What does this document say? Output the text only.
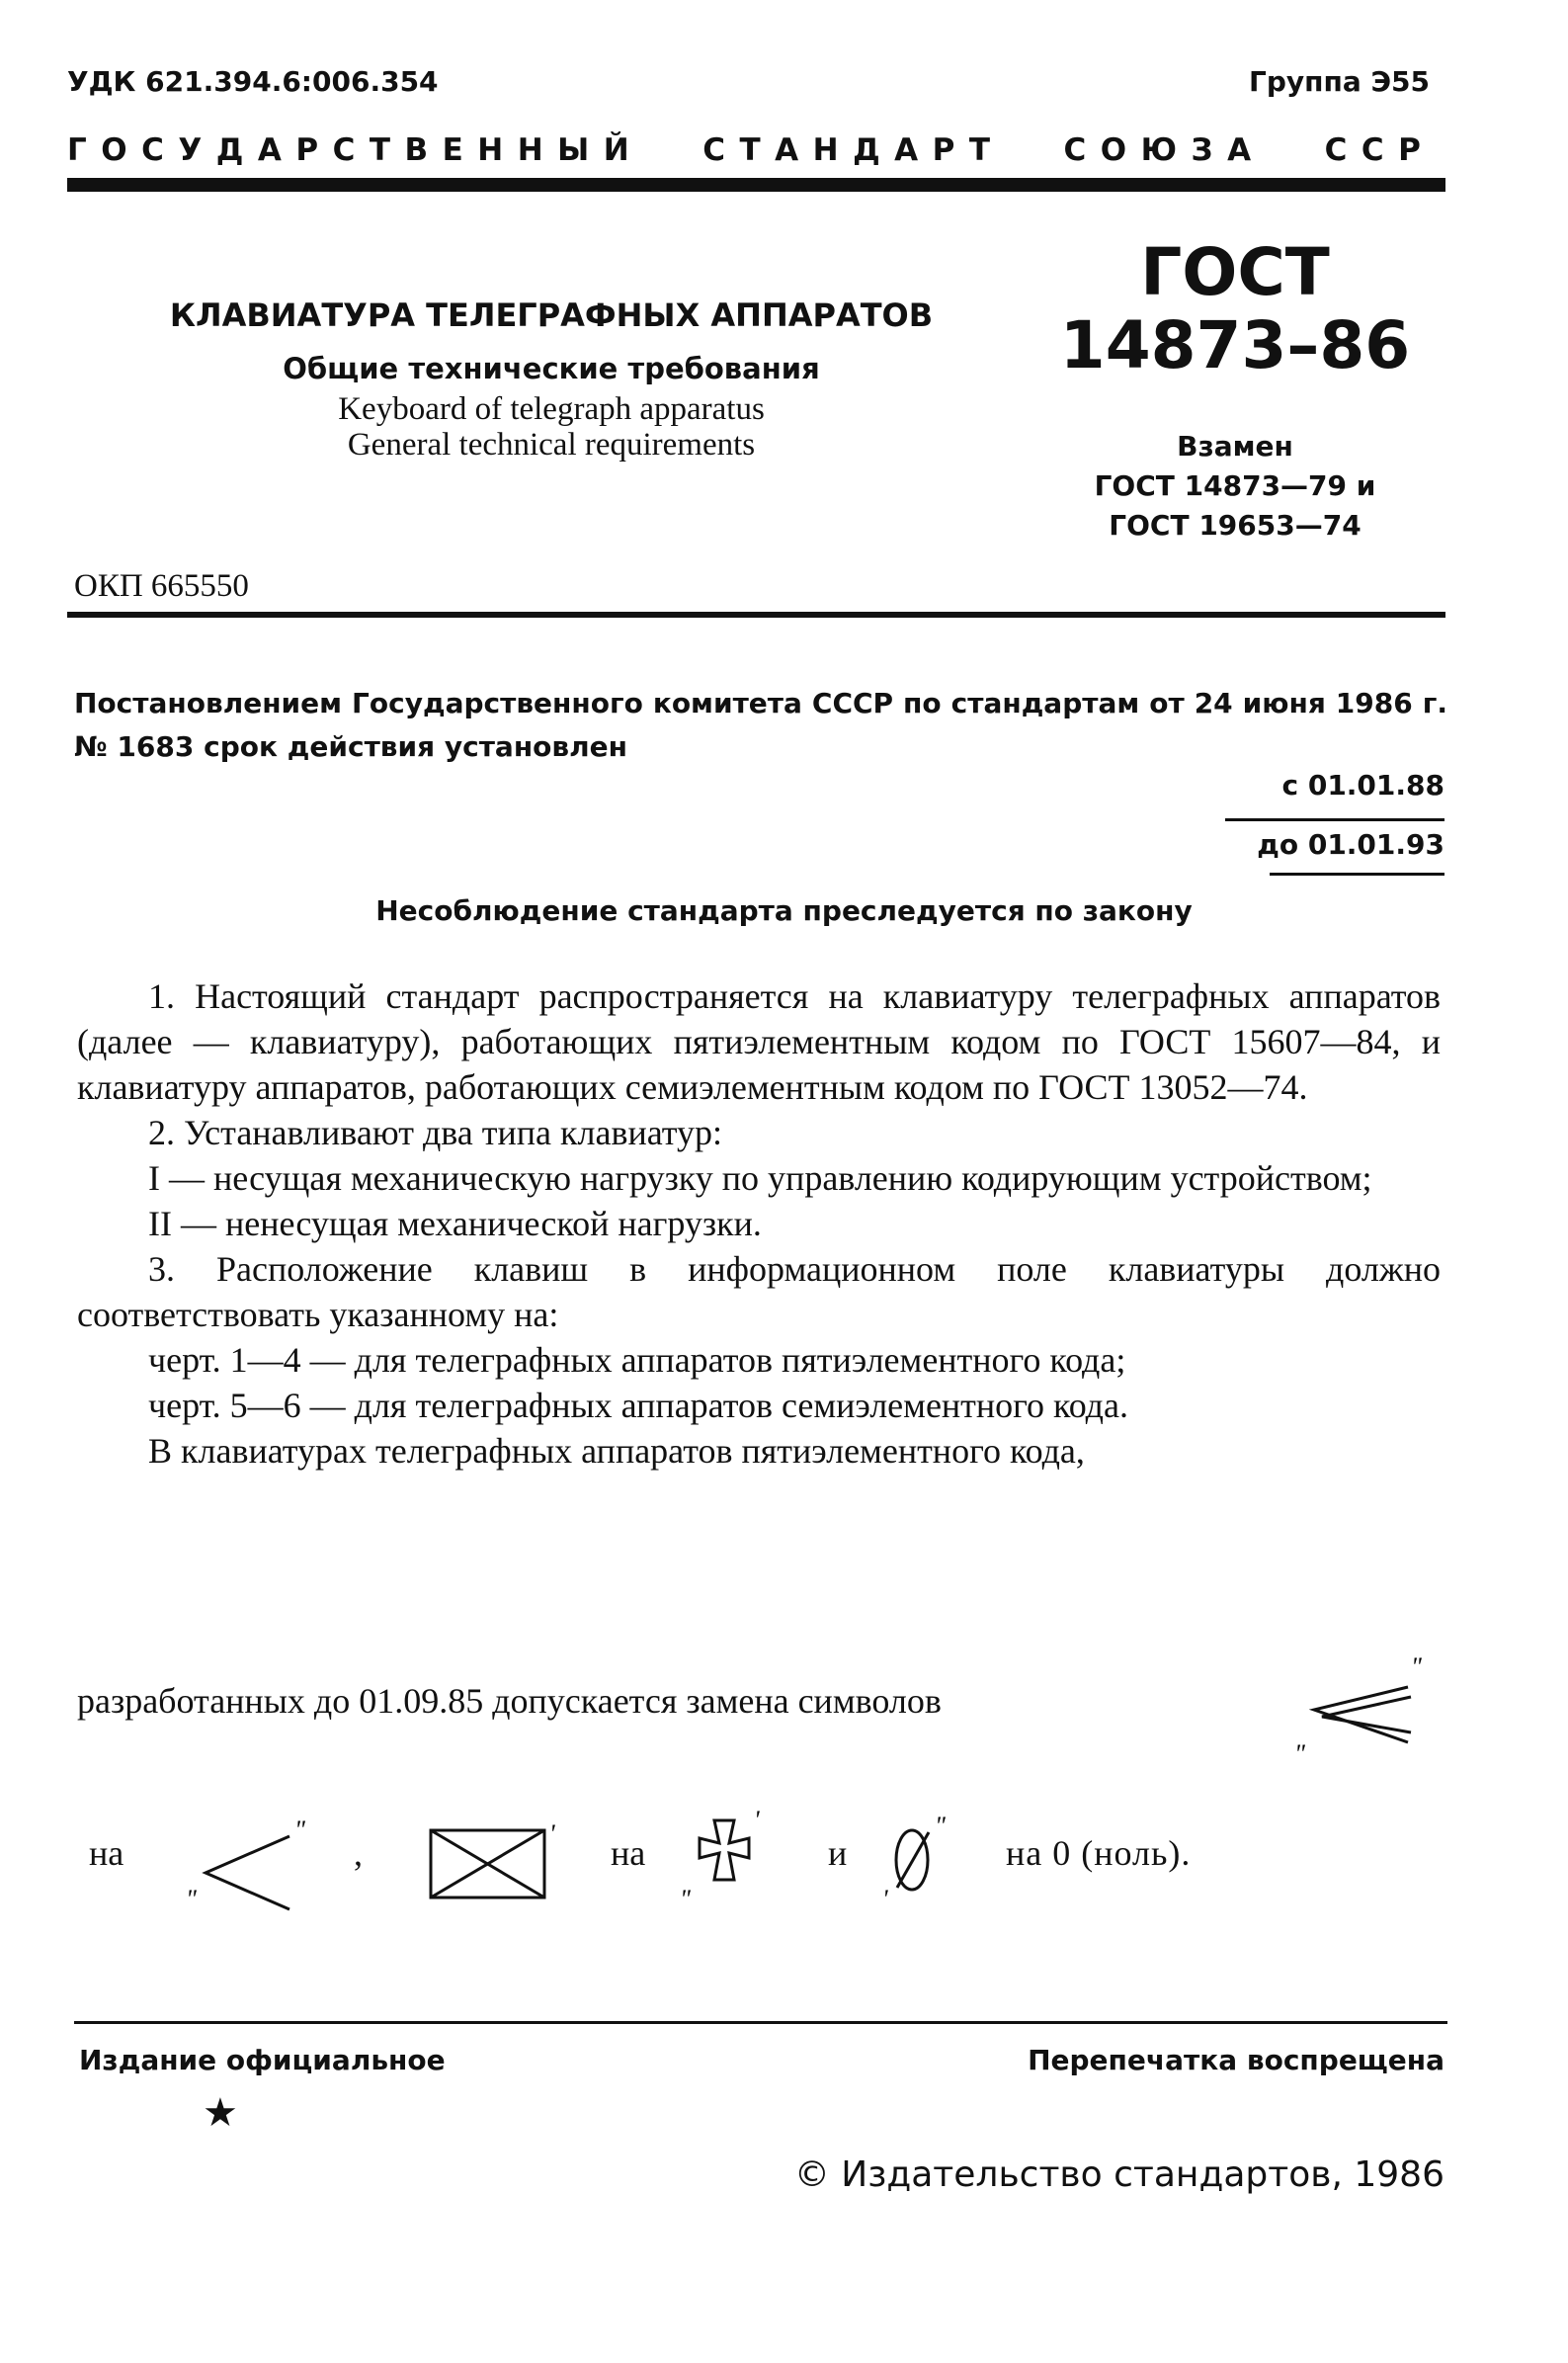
УДК 621.394.6:006.354	Группа Э55
ГОСУДАРСТВЕННЫЙ СТАНДАРТ СОЮЗА ССР
КЛАВИАТУРА ТЕЛЕГРАФНЫХ АППАРАТОВ
Общие технические требования
Keyboard of telegraph apparatus
General technical requirements
ГОСТ
14873–86
Взамен
ГОСТ 14873—79 и
ГОСТ 19653—74
ОКП 665550
Постановлением Государственного комитета СССР по стандартам от 24 июня 1986 г. № 1683 срок действия установлен
с 01.01.88
до 01.01.93
Несоблюдение стандарта преследуется по закону

1. Настоящий стандарт распространяется на клавиатуру телеграфных аппаратов (далее — клавиатуру), работающих пятиэлементным кодом по ГОСТ 15607—84, и клавиатуру аппаратов, работающих семиэлементным кодом по ГОСТ 13052—74.

2. Устанавливают два типа клавиатур:

I — несущая механическую нагрузку по управлению кодирующим устройством;

II — ненесущая механической нагрузки.

3. Расположение клавиш в информационном поле клавиатуры должно соответствовать указанному на:

черт. 1—4 — для телеграфных аппаратов пятиэлементного кода;

черт. 5—6 — для телеграфных аппаратов семиэлементного кода.

В клавиатурах телеграфных аппаратов пятиэлементного кода,

разработанных до 01.09.85 допускается замена символов
"
"
на
"
"
,	' на
'
"
и
"
'
на 0 (ноль).
Издание официальное	Перепечатка воспрещена
★
© Издательство стандартов, 1986
